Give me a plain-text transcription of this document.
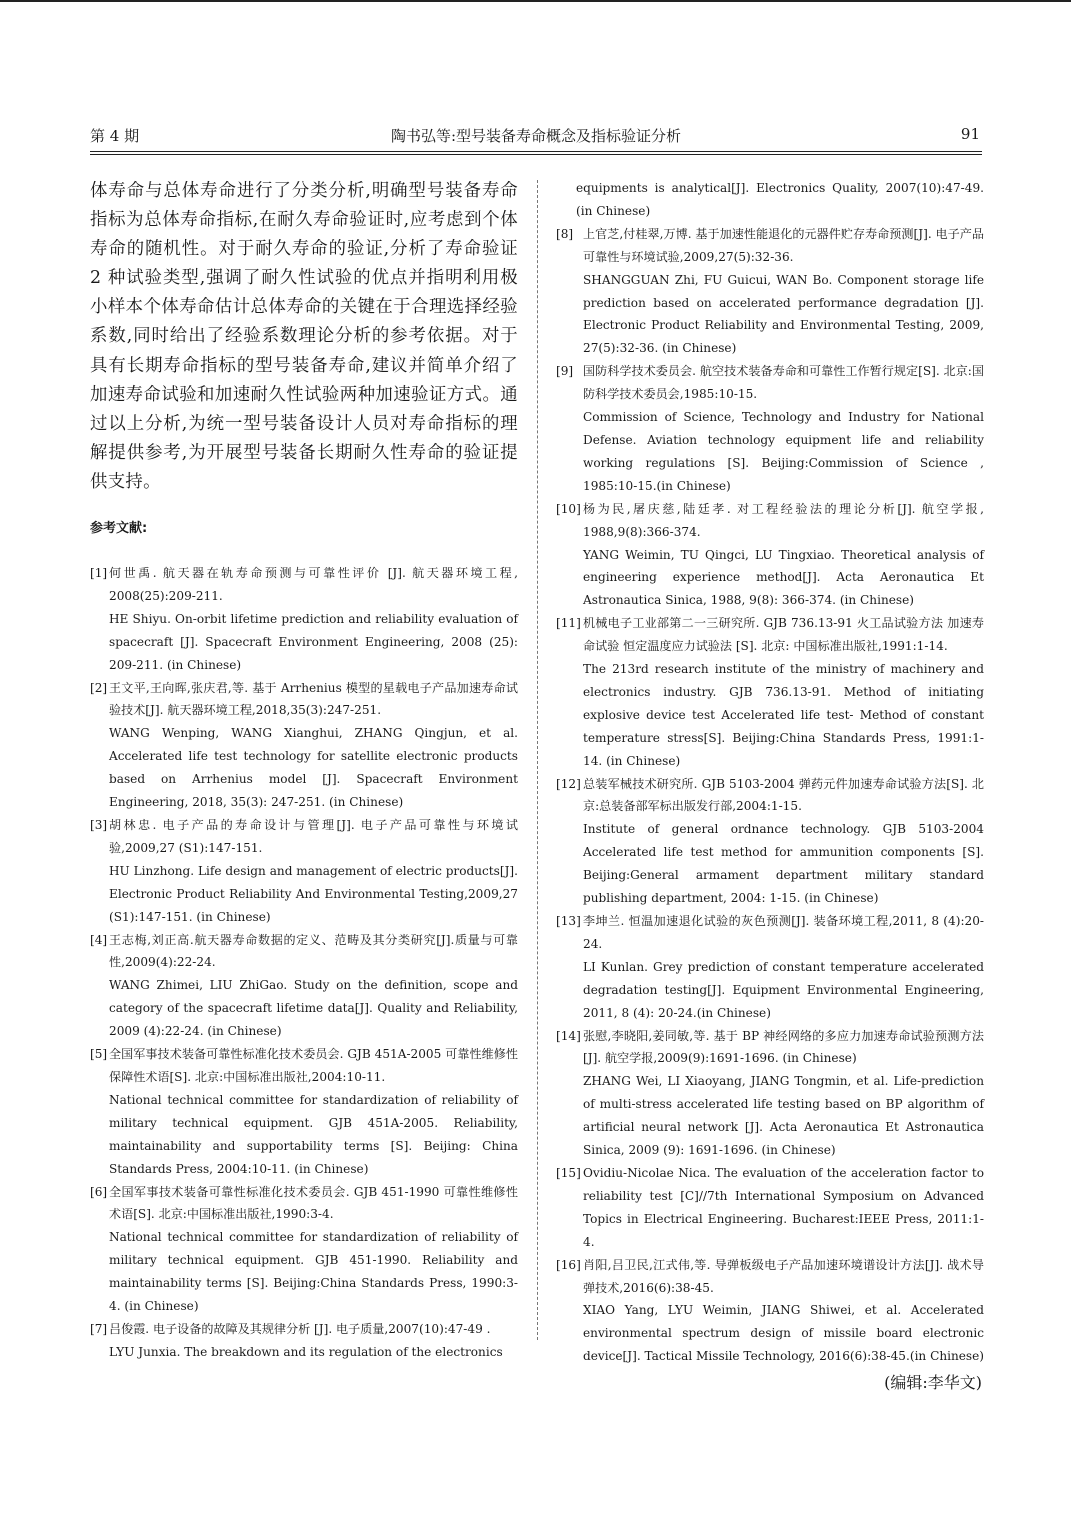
第 4 期	陶书弘等:型号装备寿命概念及指标验证分析	91

体寿命与总体寿命进行了分类分析,明确型号装备寿命指标为总体寿命指标,在耐久寿命验证时,应考虑到个体寿命的随机性。对于耐久寿命的验证,分析了寿命验证 2 种试验类型,强调了耐久性试验的优点并指明利用极小样本个体寿命估计总体寿命的关键在于合理选择经验系数,同时给出了经验系数理论分析的参考依据。对于具有长期寿命指标的型号装备寿命,建议并简单介绍了加速寿命试验和加速耐久性试验两种加速验证方式。通过以上分析,为统一型号装备设计人员对寿命指标的理解提供参考,为开展型号装备长期耐久性寿命的验证提供支持。

参考文献:
[1] 何世禹. 航天器在轨寿命预测与可靠性评价 [J]. 航天器环境工程, 2008(25):209-211.
HE Shiyu. On-orbit lifetime prediction and reliability evaluation of spacecraft [J]. Spacecraft Environment Engineering, 2008 (25): 209-211. (in Chinese)
[2] 王文平,王向晖,张庆君,等. 基于 Arrhenius 模型的星载电子产品加速寿命试验技术[J]. 航天器环境工程,2018,35(3):247-251.
WANG Wenping, WANG Xianghui, ZHANG Qingjun, et al. Accelerated life test technology for satellite electronic products based on Arrhenius model [J]. Spacecraft Environment Engineering, 2018, 35(3): 247-251. (in Chinese)
[3] 胡林忠. 电子产品的寿命设计与管理[J]. 电子产品可靠性与环境试验,2009,27 (S1):147-151.
HU Linzhong. Life design and management of electric products[J]. Electronic Product Reliability And Environmental Testing,2009,27 (S1):147-151. (in Chinese)
[4] 王志梅,刘正高.航天器寿命数据的定义、范畴及其分类研究[J].质量与可靠性,2009(4):22-24.
WANG Zhimei, LIU ZhiGao. Study on the definition, scope and category of the spacecraft lifetime data[J]. Quality and Reliability, 2009 (4):22-24. (in Chinese)
[5] 全国军事技术装备可靠性标准化技术委员会. GJB 451A-2005 可靠性维修性保障性术语[S]. 北京:中国标准出版社,2004:10-11.
National technical committee for standardization of reliability of military technical equipment. GJB 451A-2005. Reliability, maintainability and supportability terms [S]. Beijing: China Standards Press, 2004:10-11. (in Chinese)
[6] 全国军事技术装备可靠性标准化技术委员会. GJB 451-1990 可靠性维修性术语[S]. 北京:中国标准出版社,1990:3-4.
National technical committee for standardization of reliability of military technical equipment. GJB 451-1990. Reliability and maintainability terms [S]. Beijing:China Standards Press, 1990:3-4. (in Chinese)
[7] 吕俊霞. 电子设备的故障及其规律分析 [J]. 电子质量,2007(10):47-49 .
LYU Junxia. The breakdown and its regulation of the electronics
equipments is analytical[J]. Electronics Quality, 2007(10):47-49. (in Chinese)
[8] 上官芝,付桂翠,万博. 基于加速性能退化的元器件贮存寿命预测[J]. 电子产品可靠性与环境试验,2009,27(5):32-36.
SHANGGUAN Zhi, FU Guicui, WAN Bo. Component storage life prediction based on accelerated performance degradation [J]. Electronic Product Reliability and Environmental Testing, 2009, 27(5):32-36. (in Chinese)
[9] 国防科学技术委员会. 航空技术装备寿命和可靠性工作暂行规定[S]. 北京:国防科学技术委员会,1985:10-15.
Commission of Science, Technology and Industry for National Defense. Aviation technology equipment life and reliability working regulations [S]. Beijing:Commission of Science , 1985:10-15.(in Chinese)
[10] 杨为民,屠庆慈,陆廷孝. 对工程经验法的理论分析[J]. 航空学报, 1988,9(8):366-374.
YANG Weimin, TU Qingci, LU Tingxiao. Theoretical analysis of engineering experience method[J]. Acta Aeronautica Et Astronautica Sinica, 1988, 9(8): 366-374. (in Chinese)
[11] 机械电子工业部第二一三研究所. GJB 736.13-91 火工品试验方法 加速寿命试验 恒定温度应力试验法 [S]. 北京: 中国标准出版社,1991:1-14.
The 213rd research institute of the ministry of machinery and electronics industry. GJB 736.13-91. Method of initiating explosive device test Accelerated life test- Method of constant temperature stress[S]. Beijing:China Standards Press, 1991:1-14. (in Chinese)
[12] 总装军械技术研究所. GJB 5103-2004 弹药元件加速寿命试验方法[S]. 北京:总装备部军标出版发行部,2004:1-15.
Institute of general ordnance technology. GJB 5103-2004 Accelerated life test method for ammunition components [S]. Beijing:General armament department military standard publishing department, 2004: 1-15. (in Chinese)
[13] 李坤兰. 恒温加速退化试验的灰色预测[J]. 装备环境工程,2011, 8 (4):20-24.
LI Kunlan. Grey prediction of constant temperature accelerated degradation testing[J]. Equipment Environmental Engineering, 2011, 8 (4): 20-24.(in Chinese)
[14] 张慰,李晓阳,姜同敏,等. 基于 BP 神经网络的多应力加速寿命试验预测方法[J]. 航空学报,2009(9):1691-1696. (in Chinese)
ZHANG Wei, LI Xiaoyang, JIANG Tongmin, et al. Life-prediction of multi-stress accelerated life testing based on BP algorithm of artificial neural network [J]. Acta Aeronautica Et Astronautica Sinica, 2009 (9): 1691-1696. (in Chinese)
[15] Ovidiu-Nicolae Nica. The evaluation of the acceleration factor to reliability test [C]//7th International Symposium on Advanced Topics in Electrical Engineering. Bucharest:IEEE Press, 2011:1-4.
[16] 肖阳,吕卫民,江式伟,等. 导弹板级电子产品加速环境谱设计方法[J]. 战术导弹技术,2016(6):38-45.
XIAO Yang, LYU Weimin, JIANG Shiwei, et al. Accelerated environmental spectrum design of missile board electronic device[J]. Tactical Missile Technology, 2016(6):38-45.(in Chinese)
(编辑:李华文)
